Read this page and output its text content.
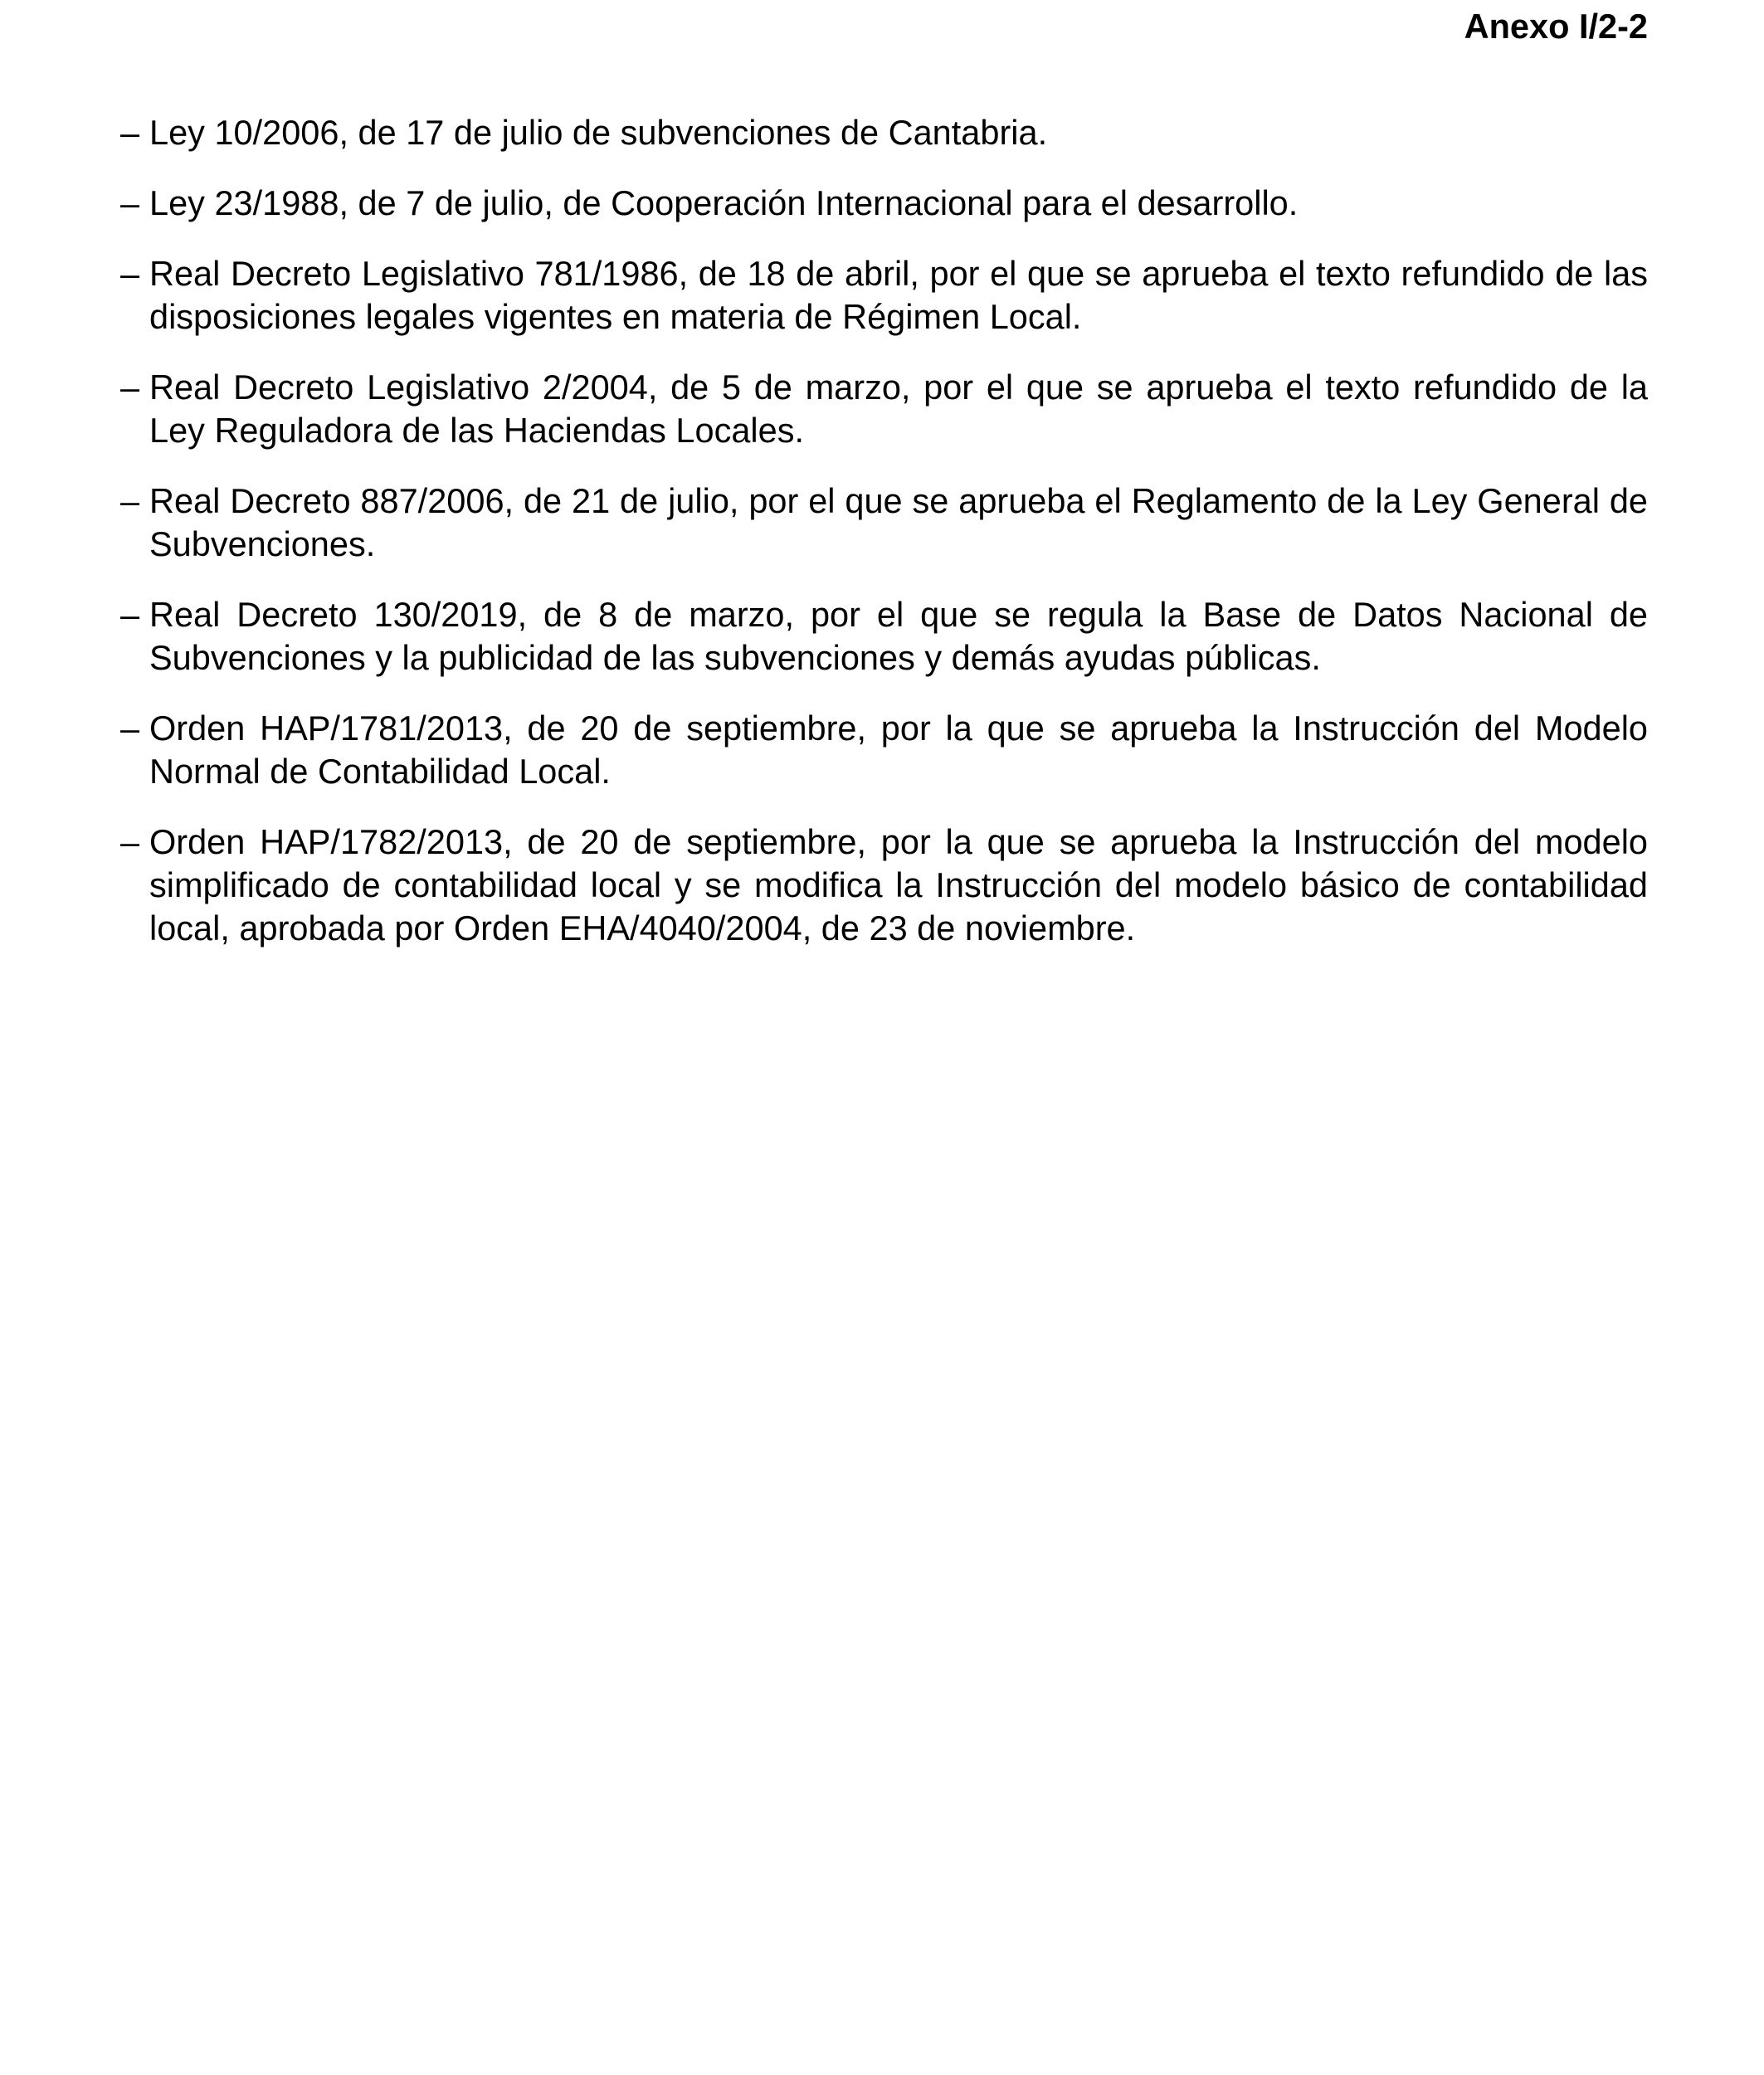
Anexo I/2-2
– Ley 10/2006, de 17 de julio de subvenciones de Cantabria.
– Ley 23/1988, de 7 de julio, de Cooperación Internacional para el desarrollo.
– Real Decreto Legislativo 781/1986, de 18 de abril, por el que se aprueba el texto refundido de las disposiciones legales vigentes en materia de Régimen Local.
– Real Decreto Legislativo 2/2004, de 5 de marzo, por el que se aprueba el texto refundido de la Ley Reguladora de las Haciendas Locales.
– Real Decreto 887/2006, de 21 de julio, por el que se aprueba el Reglamento de la Ley General de Subvenciones.
– Real Decreto 130/2019, de 8 de marzo, por el que se regula la Base de Datos Nacional de Subvenciones y la publicidad de las subvenciones y demás ayudas públicas.
– Orden HAP/1781/2013, de 20 de septiembre, por la que se aprueba la Instrucción del Modelo Normal de Contabilidad Local.
– Orden HAP/1782/2013, de 20 de septiembre, por la que se aprueba la Instrucción del modelo simplificado de contabilidad local y se modifica la Instrucción del modelo básico de contabilidad local, aprobada por Orden EHA/4040/2004, de 23 de noviembre.
